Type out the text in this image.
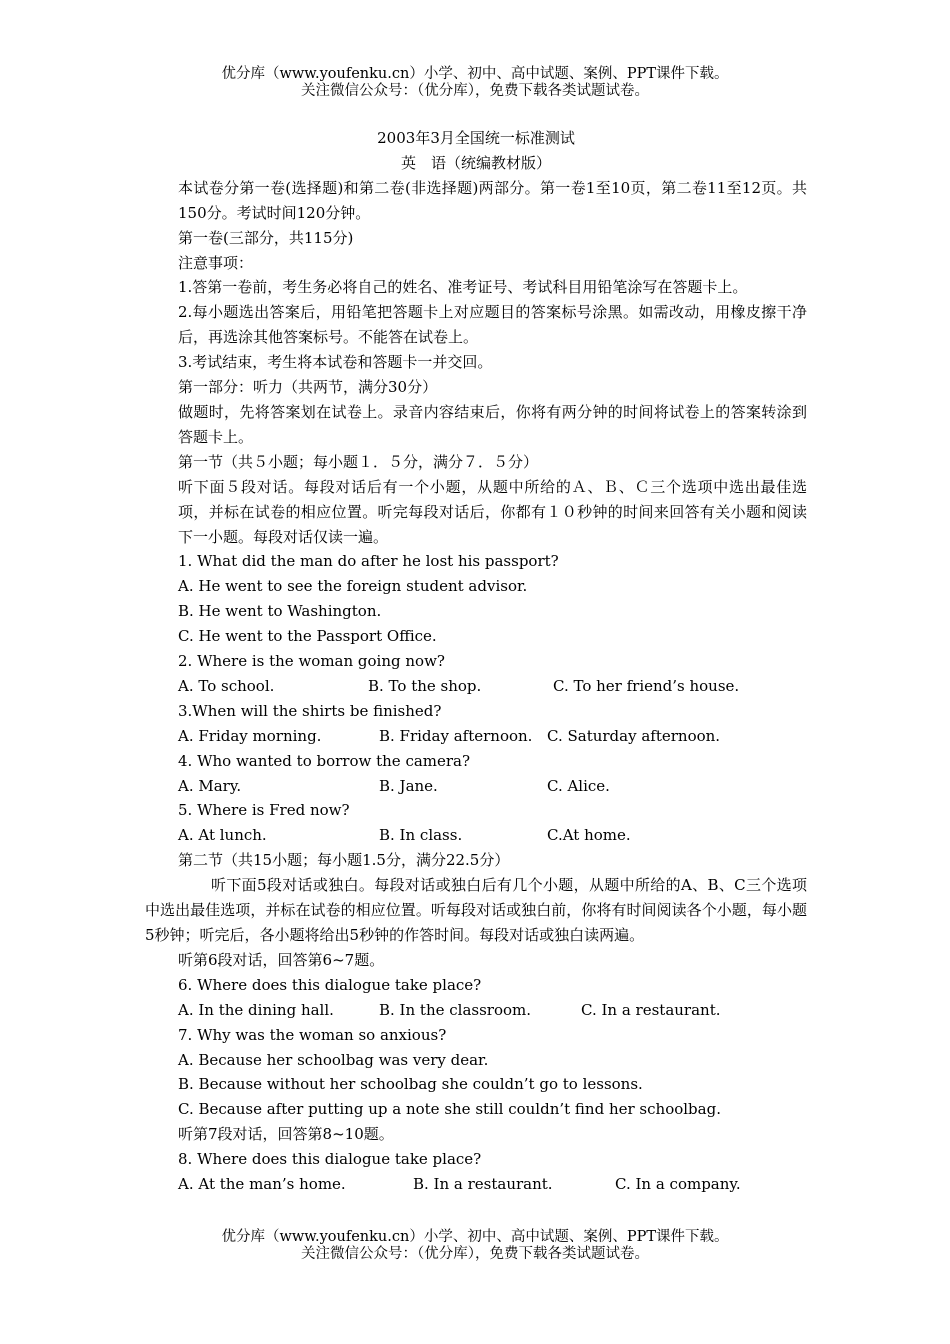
优分库（www.youfenku.cn）小学、初中、高中试题、案例、PPT课件下载。
关注微信公众号：（优分库），免费下载各类试题试卷。

2003年3月全国统一标准测试

英　语（统编教材版）

本试卷分第一卷(选择题)和第二卷(非选择题)两部分。第一卷1至10页，第二卷11至12页。共150分。考试时间120分钟。

第一卷(三部分，共115分)

注意事项：

1.答第一卷前，考生务必将自己的姓名、准考证号、考试科目用铅笔涂写在答题卡上。

2.每小题选出答案后，用铅笔把答题卡上对应题目的答案标号涂黑。如需改动，用橡皮擦干净后，再选涂其他答案标号。不能答在试卷上。

3.考试结束，考生将本试卷和答题卡一并交回。

第一部分：听力（共两节，满分30分）

做题时，先将答案划在试卷上。录音内容结束后，你将有两分钟的时间将试卷上的答案转涂到答题卡上。

第一节（共５小题；每小题１．５分，满分７．５分）

听下面５段对话。每段对话后有一个小题，从题中所给的Ａ、Ｂ、Ｃ三个选项中选出最佳选项，并标在试卷的相应位置。听完每段对话后，你都有１０秒钟的时间来回答有关小题和阅读下一小题。每段对话仅读一遍。

1. What did the man do after he lost his passport?

A. He went to see the foreign student advisor.

B. He went to Washington.

C. He went to the Passport Office.

2. Where is the woman going now?

A. To school.	B. To the shop.	C. To her friend’s house.

3.When will the shirts be finished?

A. Friday morning.	B. Friday afternoon. C. Saturday afternoon.

4. Who wanted to borrow the camera?

A. Mary.	B. Jane.	C. Alice.

5. Where is Fred now?

A. At lunch.	B. In class.	C.At home.

第二节（共15小题；每小题1.5分，满分22.5分）

听下面5段对话或独白。每段对话或独白后有几个小题，从题中所给的A、B、C三个选项中选出最佳选项，并标在试卷的相应位置。听每段对话或独白前，你将有时间阅读各个小题，每小题5秒钟；听完后，各小题将给出5秒钟的作答时间。每段对话或独白读两遍。

听第6段对话，回答第6~7题。

6. Where does this dialogue take place?

A. In the dining hall.	B. In the classroom.	C. In a restaurant.

7. Why was the woman so anxious?

A. Because her schoolbag was very dear.

B. Because without her schoolbag she couldn’t go to lessons.

C. Because after putting up a note she still couldn’t find her schoolbag.

听第7段对话，回答第8~10题。

8. Where does this dialogue take place?

A. At the man’s home.	B. In a restaurant.	C. In a company.
优分库（www.youfenku.cn）小学、初中、高中试题、案例、PPT课件下载。
关注微信公众号：（优分库），免费下载各类试题试卷。
